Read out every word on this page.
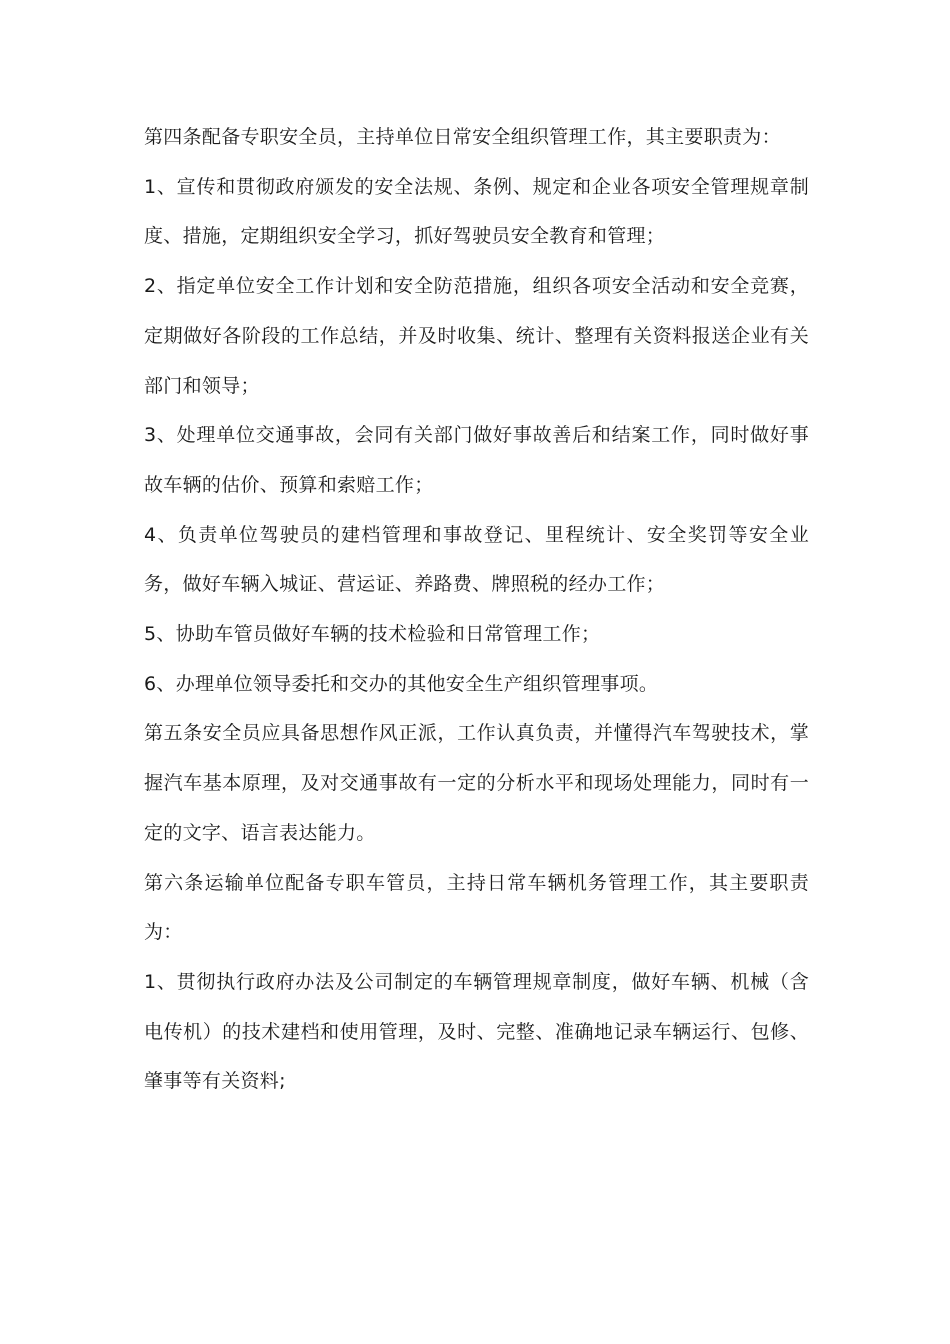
第四条配备专职安全员，主持单位日常安全组织管理工作，其主要职责为：

1、宣传和贯彻政府颁发的安全法规、条例、规定和企业各项安全管理规章制度、措施，定期组织安全学习，抓好驾驶员安全教育和管理；

2、指定单位安全工作计划和安全防范措施，组织各项安全活动和安全竞赛，定期做好各阶段的工作总结，并及时收集、统计、整理有关资料报送企业有关部门和领导；

3、处理单位交通事故，会同有关部门做好事故善后和结案工作，同时做好事故车辆的估价、预算和索赔工作；

4、负责单位驾驶员的建档管理和事故登记、里程统计、安全奖罚等安全业务，做好车辆入城证、营运证、养路费、牌照税的经办工作；

5、协助车管员做好车辆的技术检验和日常管理工作；

6、办理单位领导委托和交办的其他安全生产组织管理事项。

第五条安全员应具备思想作风正派，工作认真负责，并懂得汽车驾驶技术，掌握汽车基本原理，及对交通事故有一定的分析水平和现场处理能力，同时有一定的文字、语言表达能力。

第六条运输单位配备专职车管员，主持日常车辆机务管理工作，其主要职责为：

1、贯彻执行政府办法及公司制定的车辆管理规章制度，做好车辆、机械（含电传机）的技术建档和使用管理，及时、完整、准确地记录车辆运行、包修、肇事等有关资料;
